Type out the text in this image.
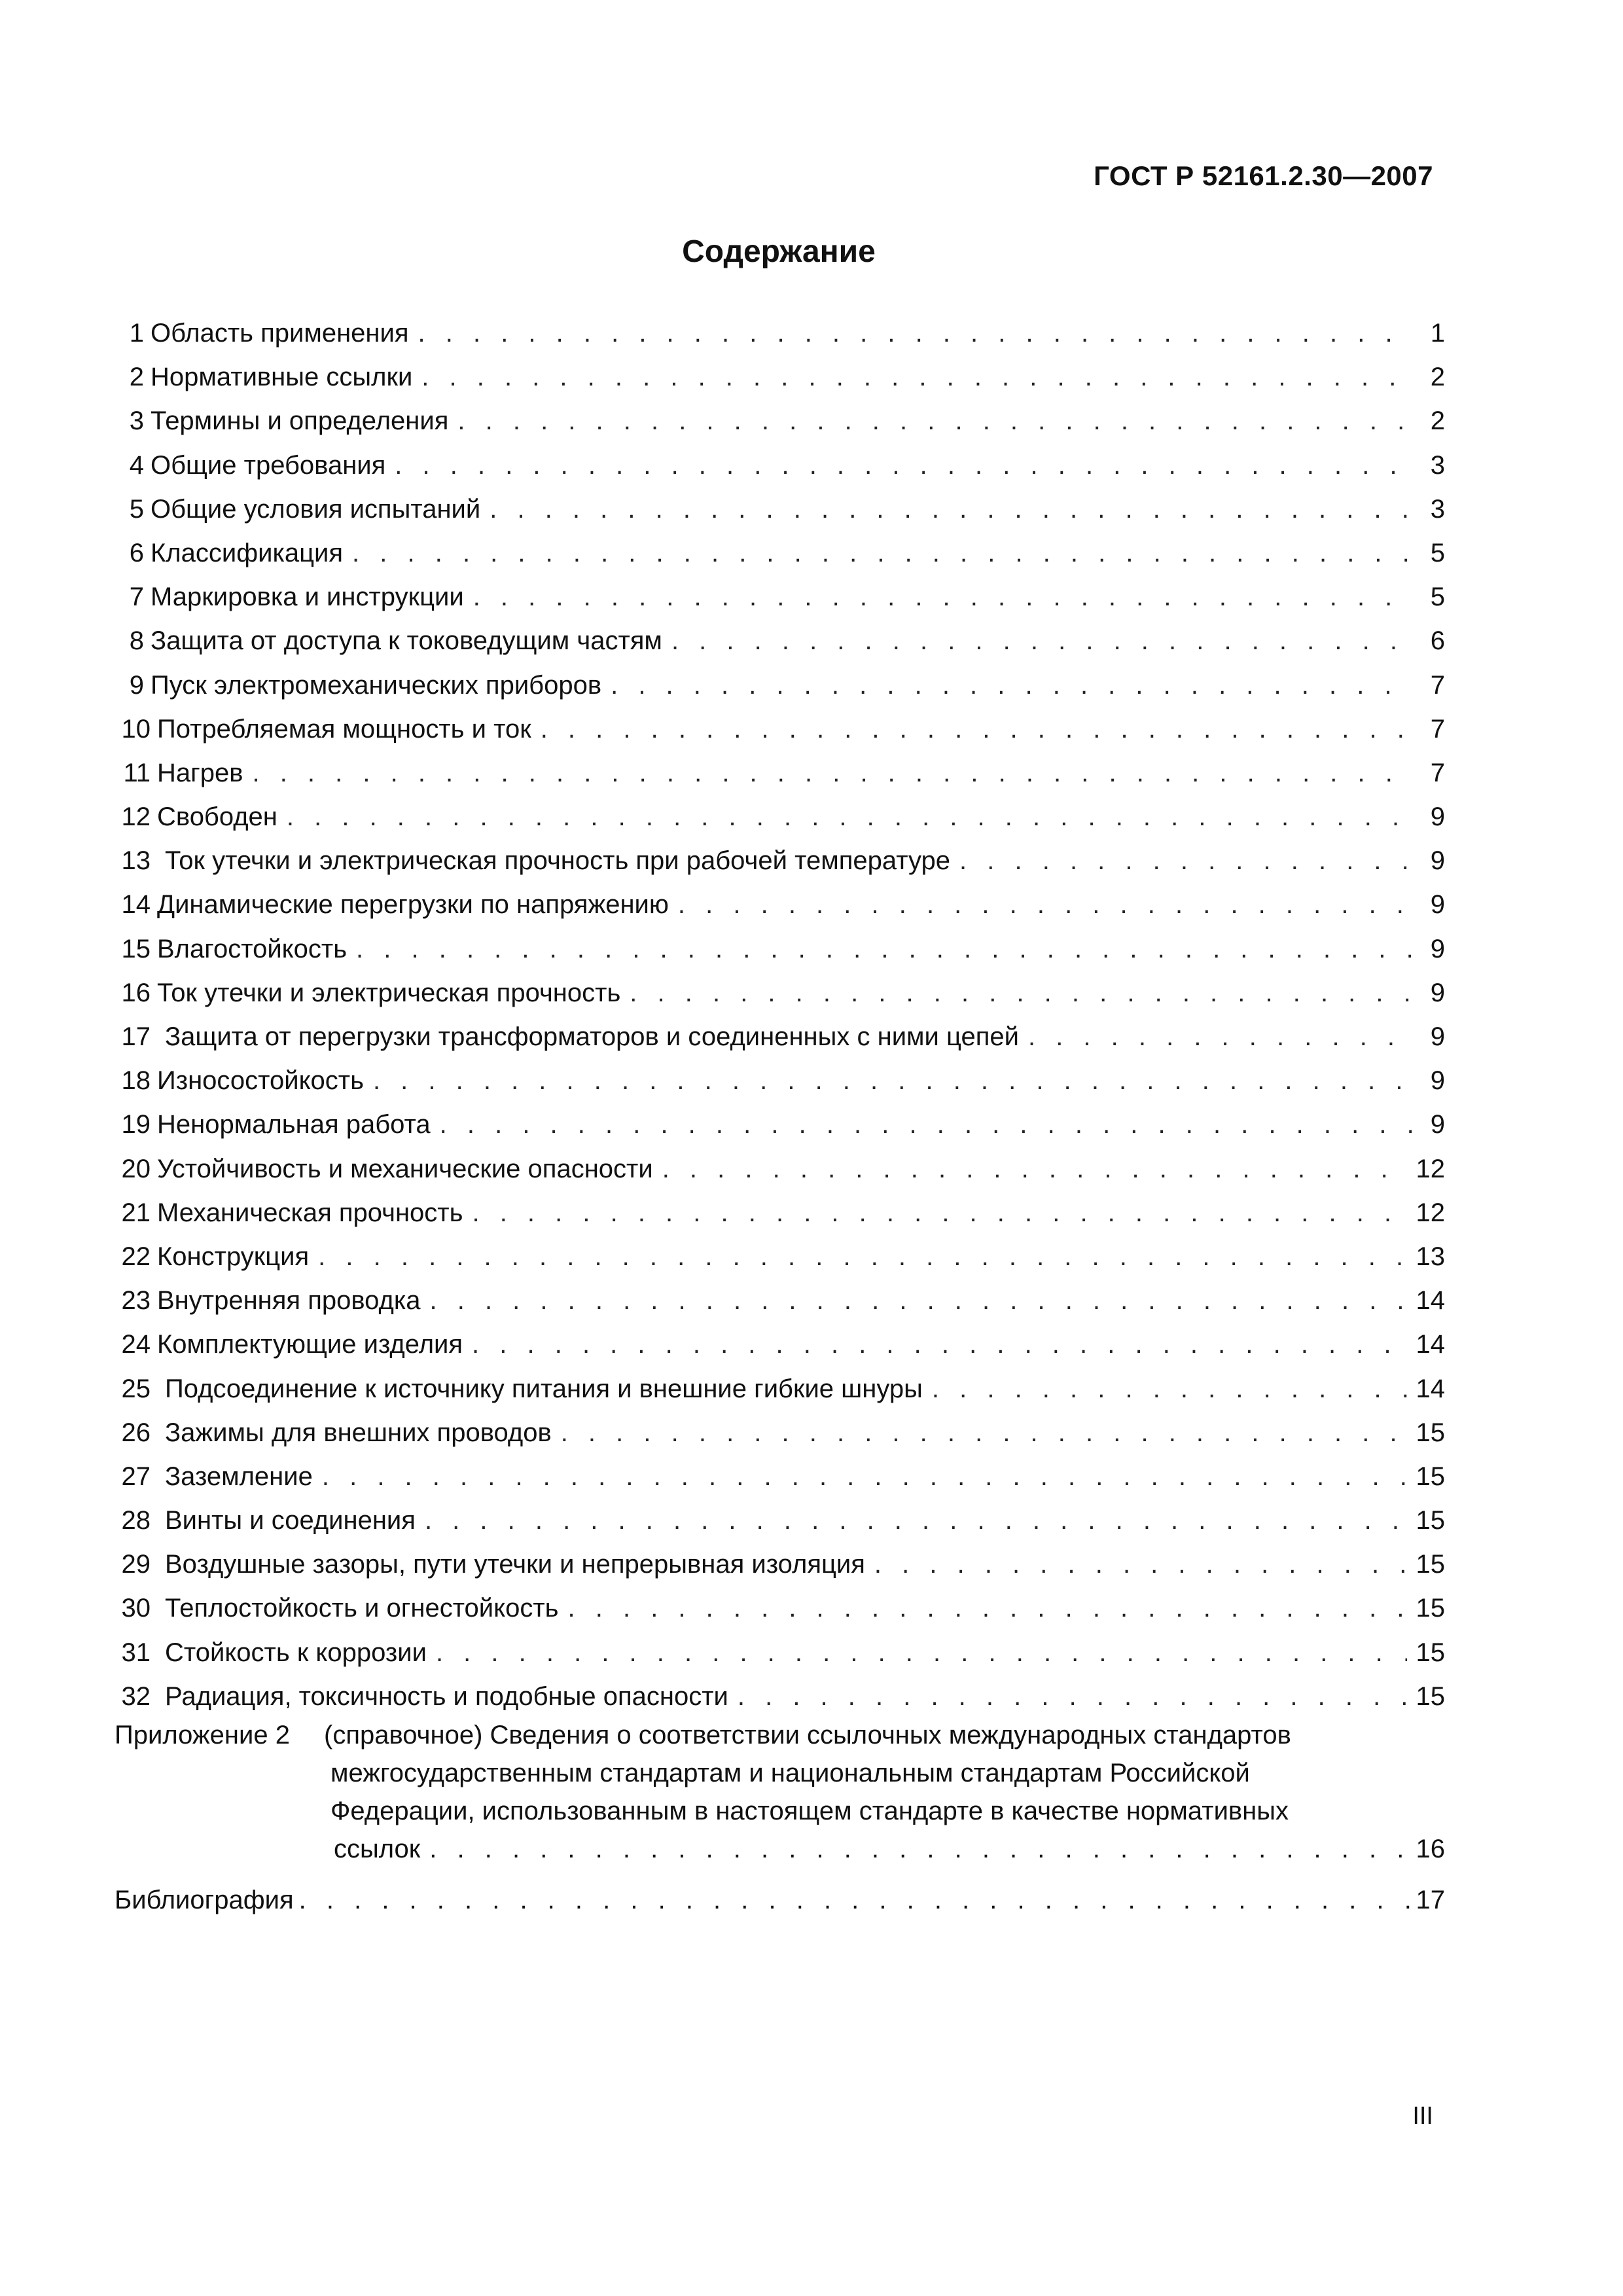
ГОСТ Р 52161.2.30—2007
Содержание
1 Область применения . . .	1
2 Нормативные ссылки . . .	2
3 Термины и определения . . .	2
4 Общие требования . . .	3
5 Общие условия испытаний . . .	3
6 Классификация . . .	5
7 Маркировка и инструкции . . .	5
8 Защита от доступа к токоведущим частям . . .	6
9 Пуск электромеханических приборов . . .	7
10 Потребляемая мощность и ток . . .	7
11 Нагрев . . .	7
12 Свободен . . .	9
13 Ток утечки и электрическая прочность при рабочей температуре . . .	9
14 Динамические перегрузки по напряжению . . .	9
15 Влагостойкость . . .	9
16 Ток утечки и электрическая прочность . . .	9
17 Защита от перегрузки трансформаторов и соединенных с ними цепей . . .	9
18 Износостойкость . . .	9
19 Ненормальная работа . . .	9
20 Устойчивость и механические опасности . . .	12
21 Механическая прочность . . .	12
22 Конструкция . . .	13
23 Внутренняя проводка . . .	14
24 Комплектующие изделия . . .	14
25 Подсоединение к источнику питания и внешние гибкие шнуры . . .	14
26 Зажимы для внешних проводов . . .	15
27 Заземление . . .	15
28 Винты и соединения . . .	15
29 Воздушные зазоры, пути утечки и непрерывная изоляция . . .	15
30 Теплостойкость и огнестойкость . . .	15
31 Стойкость к коррозии . . .	15
32 Радиация, токсичность и подобные опасности . . .	15
Приложение 2	(справочное) Сведения о соответствии ссылочных международных стандартов
межгосударственным стандартам и национальным стандартам Российской
Федерации, использованным в настоящем стандарте в качестве нормативных
ссылок . . .	16
Библиография . . .	17
III
